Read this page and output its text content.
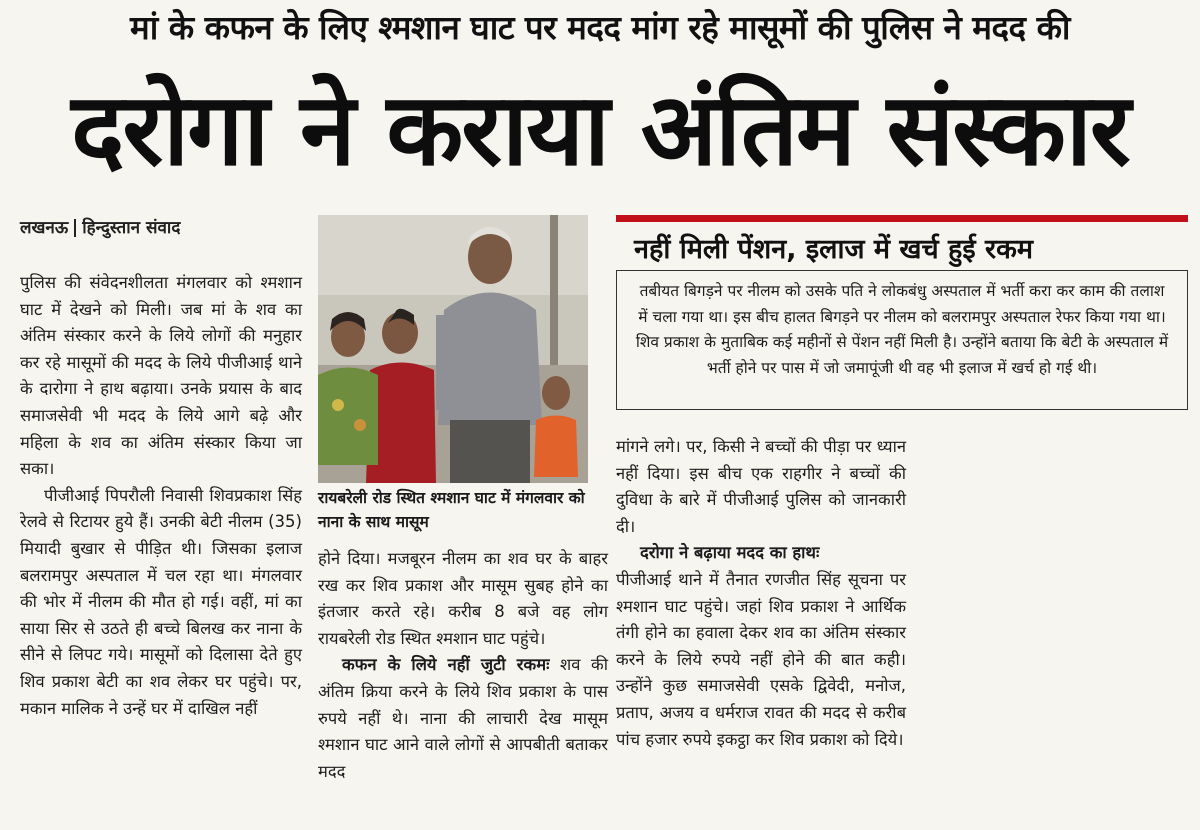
मां के कफन के लिए श्मशान घाट पर मदद मांग रहे मासूमों की पुलिस ने मदद की
दरोगा ने कराया अंतिम संस्कार
लखनऊ हिन्दुस्तान संवाद

पुलिस की संवेदनशीलता मंगलवार को श्मशान घाट में देखने को मिली। जब मां के शव का अंतिम संस्कार करने के लिये लोगों की मनुहार कर रहे मासूमों की मदद के लिये पीजीआई थाने के दारोगा ने हाथ बढ़ाया। उनके प्रयास के बाद समाजसेवी भी मदद के लिये आगे बढ़े और महिला के शव का अंतिम संस्कार किया जा सका।

पीजीआई पिपरौली निवासी शिवप्रकाश सिंह रेलवे से रिटायर हुये हैं। उनकी बेटी नीलम (35) मियादी बुखार से पीड़ित थी। जिसका इलाज बलरामपुर अस्पताल में चल रहा था। मंगलवार की भोर में नीलम की मौत हो गई। वहीं, मां का साया सिर से उठते ही बच्चे बिलख कर नाना के सीने से लिपट गये। मासूमों को दिलासा देते हुए शिव प्रकाश बेटी का शव लेकर घर पहुंचे। पर, मकान मालिक ने उन्हें घर में दाखिल नहीं

रायबरेली रोड स्थित श्मशान घाट में मंगलवार को नाना के साथ मासूम

होने दिया। मजबूरन नीलम का शव घर के बाहर रख कर शिव प्रकाश और मासूम सुबह होने का इंतजार करते रहे। करीब 8 बजे वह लोग रायबरेली रोड स्थित श्मशान घाट पहुंचे।

कफन के लिये नहीं जुटी रकमः शव की अंतिम क्रिया करने के लिये शिव प्रकाश के पास रुपये नहीं थे। नाना की लाचारी देख मासूम श्मशान घाट आने वाले लोगों से आपबीती बताकर मदद

नहीं मिली पेंशन, इलाज में खर्च हुई रकम
तबीयत बिगड़ने पर नीलम को उसके पति ने लोकबंधु अस्पताल में भर्ती करा कर काम की तलाश में चला गया था। इस बीच हालत बिगड़ने पर नीलम को बलरामपुर अस्पताल रेफर किया गया था। शिव प्रकाश के मुताबिक कई महीनों से पेंशन नहीं मिली है। उन्होंने बताया कि बेटी के अस्पताल में भर्ती होने पर पास में जो जमापूंजी थी वह भी इलाज में खर्च हो गई थी।

मांगने लगे। पर, किसी ने बच्चों की पीड़ा पर ध्यान नहीं दिया। इस बीच एक राहगीर ने बच्चों की दुविधा के बारे में पीजीआई पुलिस को जानकारी दी।

दरोगा ने बढ़ाया मदद का हाथः

पीजीआई थाने में तैनात रणजीत सिंह सूचना पर श्मशान घाट पहुंचे। जहां शिव प्रकाश ने आर्थिक तंगी होने का हवाला देकर शव का अंतिम संस्कार करने के लिये रुपये नहीं होने की बात कही। उन्होंने कुछ समाजसेवी एसके द्विवेदी, मनोज, प्रताप, अजय व धर्मराज रावत की मदद से करीब पांच हजार रुपये इकट्ठा कर शिव प्रकाश को दिये।
